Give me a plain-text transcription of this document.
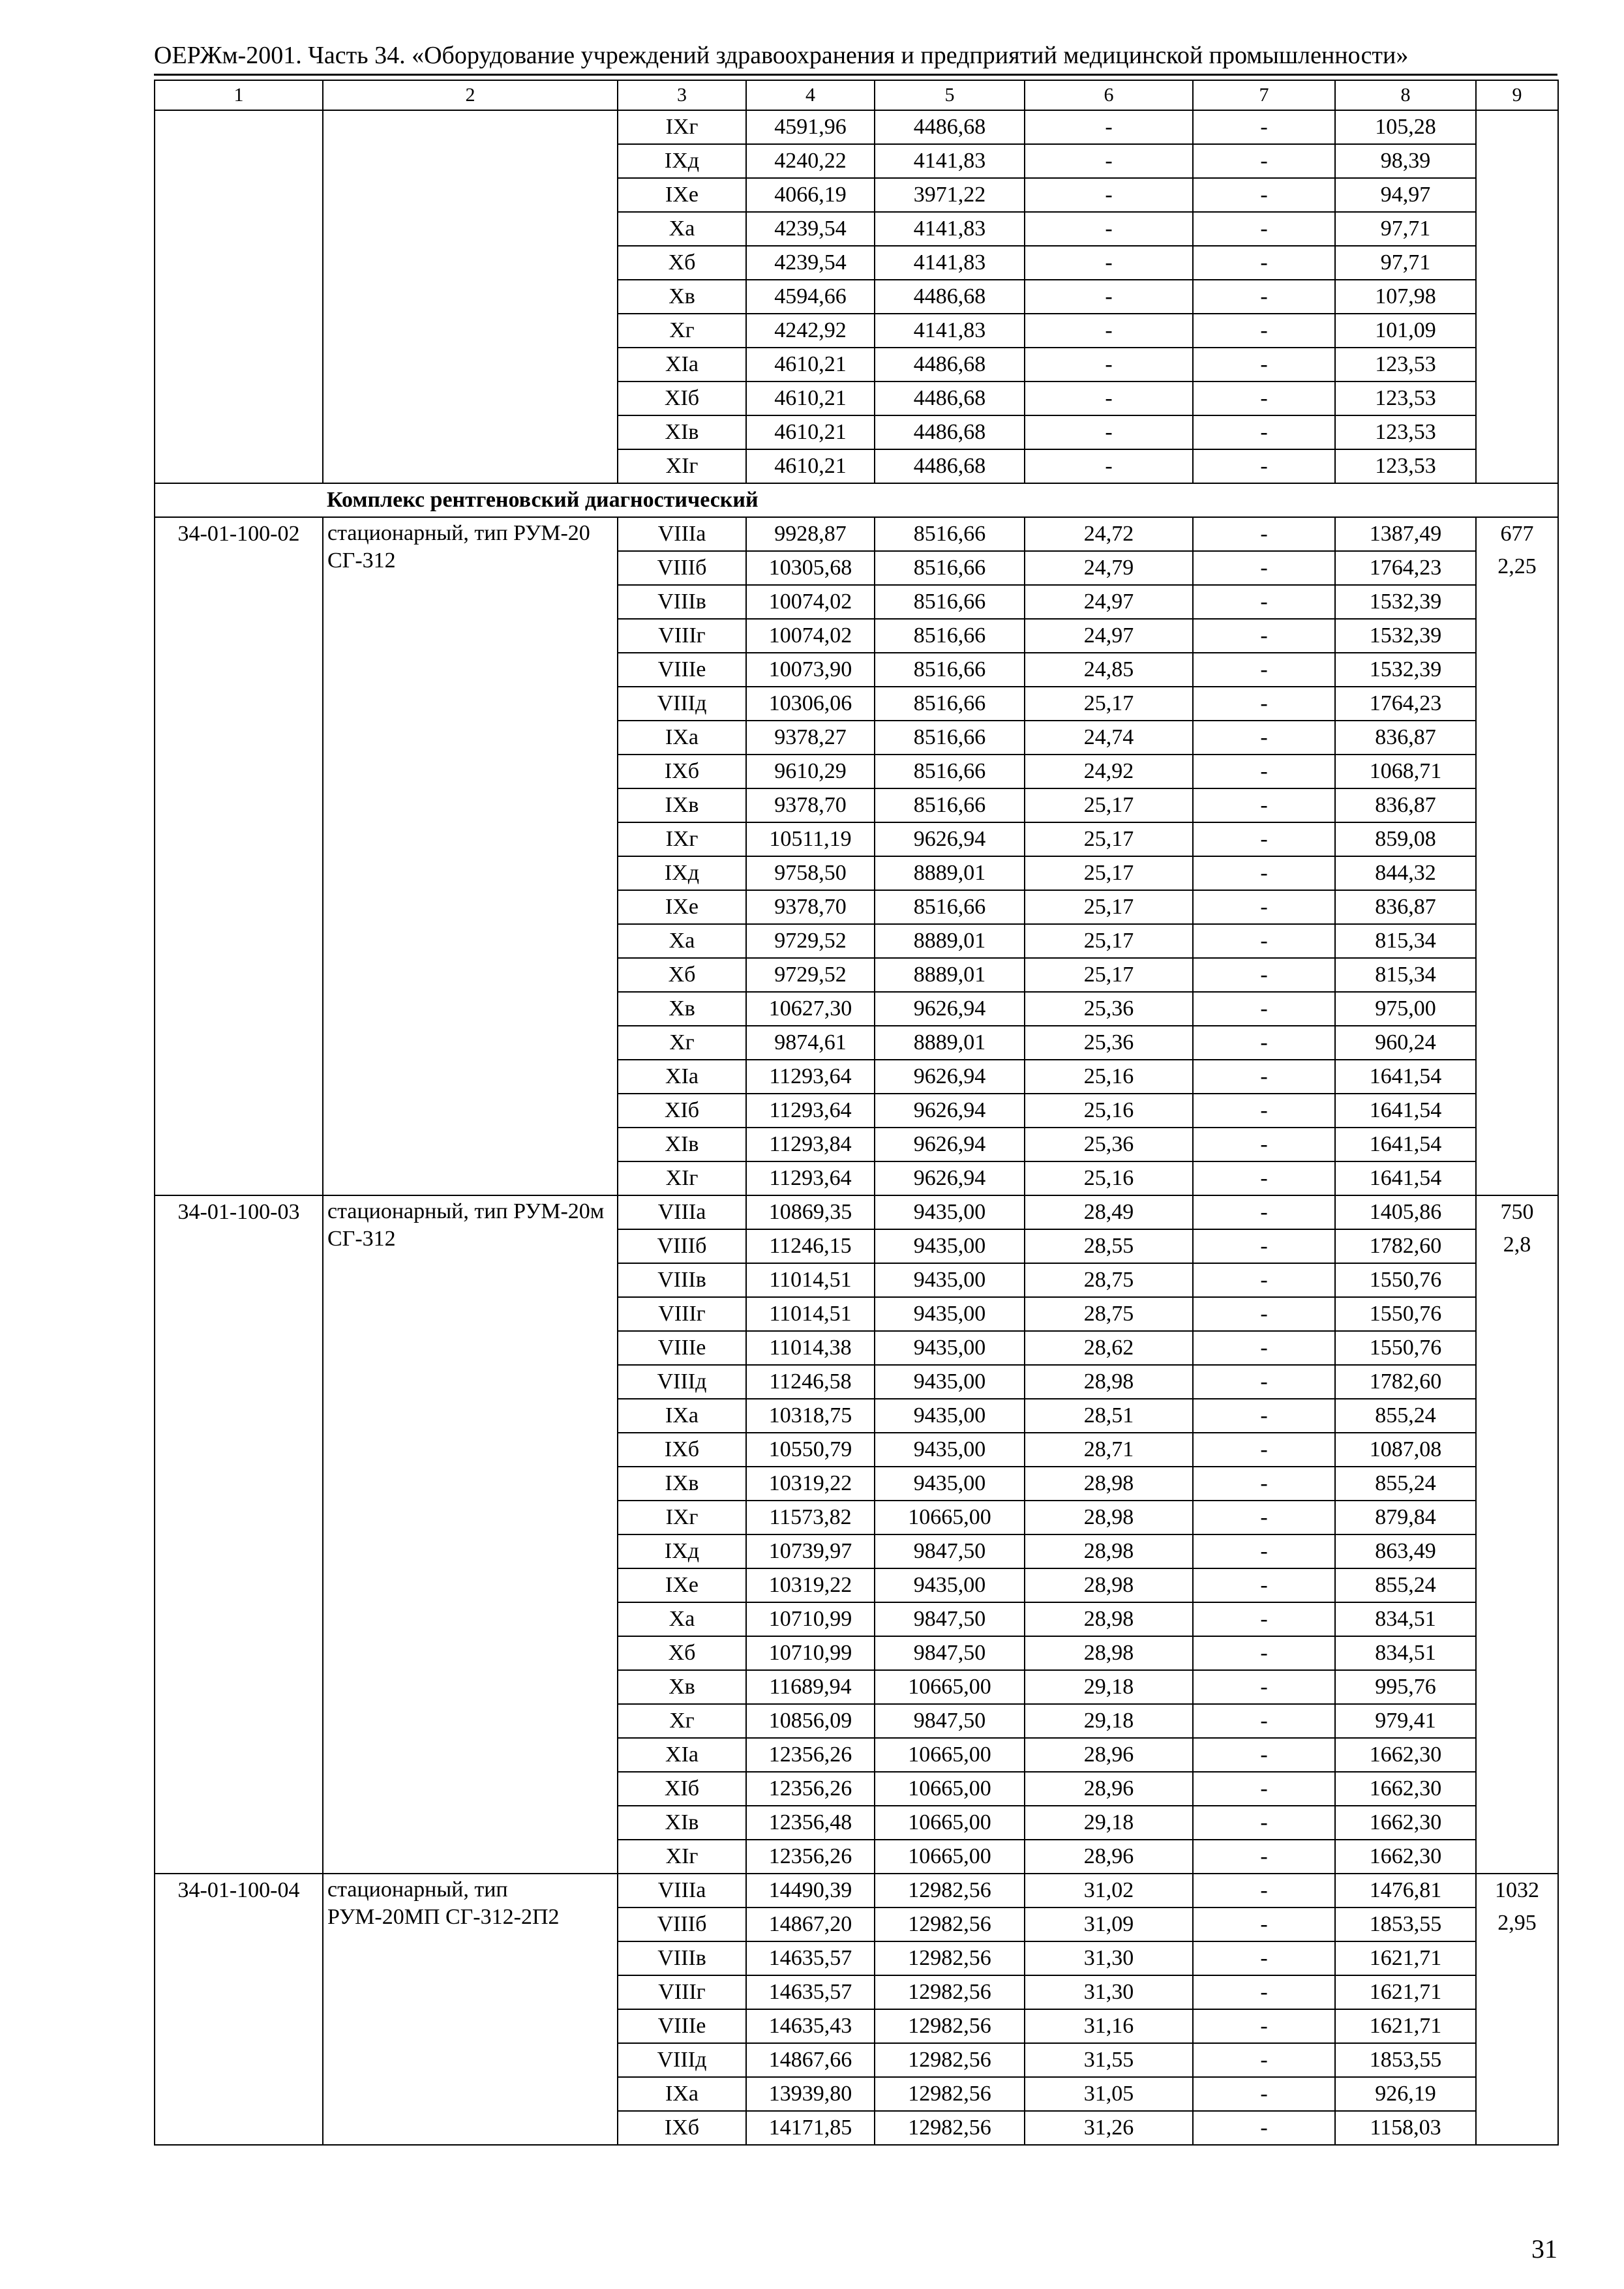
ОЕРЖм-2001. Часть 34. «Оборудование учреждений здравоохранения и предприятий медицинской промышленности»
1	2	3	4	5	6	7	8	9
		IXг	4591,96	4486,68	-	-	105,28	
		IXд	4240,22	4141,83	-	-	98,39	
		IXе	4066,19	3971,22	-	-	94,97	
		Xа	4239,54	4141,83	-	-	97,71	
		Xб	4239,54	4141,83	-	-	97,71	
		Xв	4594,66	4486,68	-	-	107,98	
		Xг	4242,92	4141,83	-	-	101,09	
		XIа	4610,21	4486,68	-	-	123,53	
		XIб	4610,21	4486,68	-	-	123,53	
		XIв	4610,21	4486,68	-	-	123,53	
		XIг	4610,21	4486,68	-	-	123,53	
	Комплекс рентгеновский диагностический							
34-01-100-02	стационарный, тип РУМ-20 СГ-312	VIIIа	9928,87	8516,66	24,72	-	1387,49	677
2,25

		VIIIб	10305,68	8516,66	24,79	-	1764,23	
		VIIIв	10074,02	8516,66	24,97	-	1532,39	
		VIIIг	10074,02	8516,66	24,97	-	1532,39	
		VIIIе	10073,90	8516,66	24,85	-	1532,39	
		VIIIд	10306,06	8516,66	25,17	-	1764,23	
		IXа	9378,27	8516,66	24,74	-	836,87	
		IXб	9610,29	8516,66	24,92	-	1068,71	
		IXв	9378,70	8516,66	25,17	-	836,87	
		IXг	10511,19	9626,94	25,17	-	859,08	
		IXд	9758,50	8889,01	25,17	-	844,32	
		IXе	9378,70	8516,66	25,17	-	836,87	
		Xа	9729,52	8889,01	25,17	-	815,34	
		Xб	9729,52	8889,01	25,17	-	815,34	
		Xв	10627,30	9626,94	25,36	-	975,00	
		Xг	9874,61	8889,01	25,36	-	960,24	
		XIа	11293,64	9626,94	25,16	-	1641,54	
		XIб	11293,64	9626,94	25,16	-	1641,54	
		XIв	11293,84	9626,94	25,36	-	1641,54	
		XIг	11293,64	9626,94	25,16	-	1641,54	
34-01-100-03	стационарный, тип РУМ-20м СГ-312	VIIIа	10869,35	9435,00	28,49	-	1405,86	750
2,8

		VIIIб	11246,15	9435,00	28,55	-	1782,60	
		VIIIв	11014,51	9435,00	28,75	-	1550,76	
		VIIIг	11014,51	9435,00	28,75	-	1550,76	
		VIIIе	11014,38	9435,00	28,62	-	1550,76	
		VIIIд	11246,58	9435,00	28,98	-	1782,60	
		IXа	10318,75	9435,00	28,51	-	855,24	
		IXб	10550,79	9435,00	28,71	-	1087,08	
		IXв	10319,22	9435,00	28,98	-	855,24	
		IXг	11573,82	10665,00	28,98	-	879,84	
		IXд	10739,97	9847,50	28,98	-	863,49	
		IXе	10319,22	9435,00	28,98	-	855,24	
		Xа	10710,99	9847,50	28,98	-	834,51	
		Xб	10710,99	9847,50	28,98	-	834,51	
		Xв	11689,94	10665,00	29,18	-	995,76	
		Xг	10856,09	9847,50	29,18	-	979,41	
		XIа	12356,26	10665,00	28,96	-	1662,30	
		XIб	12356,26	10665,00	28,96	-	1662,30	
		XIв	12356,48	10665,00	29,18	-	1662,30	
		XIг	12356,26	10665,00	28,96	-	1662,30	
34-01-100-04	стационарный, тип РУМ-20МП СГ-312-2П2	VIIIа	14490,39	12982,56	31,02	-	1476,81	1032
2,95

		VIIIб	14867,20	12982,56	31,09	-	1853,55	
		VIIIв	14635,57	12982,56	31,30	-	1621,71	
		VIIIг	14635,57	12982,56	31,30	-	1621,71	
		VIIIе	14635,43	12982,56	31,16	-	1621,71	
		VIIIд	14867,66	12982,56	31,55	-	1853,55	
		IXа	13939,80	12982,56	31,05	-	926,19	
		IXб	14171,85	12982,56	31,26	-	1158,03	
31
